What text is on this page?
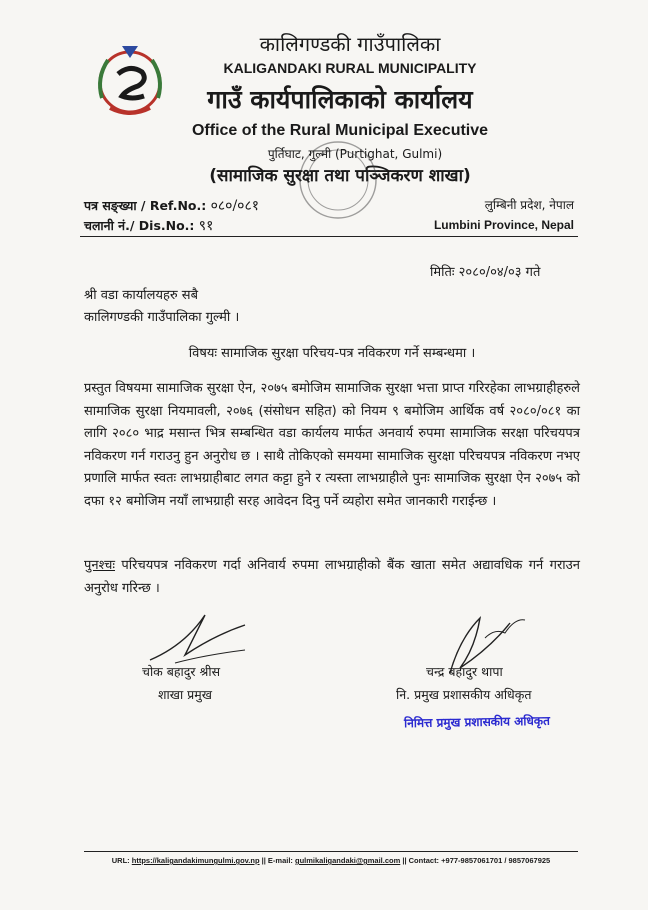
कालिगण्डकी गाउँपालिका
KALIGANDAKI RURAL MUNICIPALITY
गाउँ कार्यपालिकाको कार्यालय
Office of the Rural Municipal Executive
पुर्तिघाट, गुल्मी (Purtighat, Gulmi)
(सामाजिक सुरक्षा तथा पञ्जिकरण शाखा)
पत्र सङ्ख्या / Ref.No.: ०८०/०८१
चलानी नं./ Dis.No.: ९१
लुम्बिनी प्रदेश, नेपाल
Lumbini Province, Nepal
मितिः २०८०/०४/०३ गते
श्री वडा कार्यालयहरु सबै
कालिगण्डकी गाउँपालिका गुल्मी ।
विषयः सामाजिक सुरक्षा परिचय-पत्र नविकरण गर्ने सम्बन्धमा ।
प्रस्तुत विषयमा सामाजिक सुरक्षा ऐन, २०७५ बमोजिम सामाजिक सुरक्षा भत्ता प्राप्त गरिरहेका लाभग्राहीहरुले सामाजिक सुरक्षा नियमावली, २०७६ (संसोधन सहित) को नियम ९ बमोजिम आर्थिक वर्ष २०८०/०८१ का लागि २०८० भाद्र मसान्त भित्र सम्बन्धित वडा कार्यलय मार्फत अनवार्य रुपमा सामाजिक सरक्षा परिचयपत्र नविकरण गर्न गराउनु हुन अनुरोध छ । साथै तोकिएको समयमा सामाजिक सुरक्षा परिचयपत्र नविकरण नभए प्रणालि मार्फत स्वतः लाभग्राहीबाट लगत कट्टा हुने र त्यस्ता लाभग्राहीले पुनः सामाजिक सुरक्षा ऐन २०७५ को दफा १२ बमोजिम नयाँ लाभग्राही सरह आवेदन दिनु पर्ने व्यहोरा समेत जानकारी गराईन्छ ।
पुनश्चः परिचयपत्र नविकरण गर्दा अनिवार्य रुपमा लाभग्राहीको बैंक खाता समेत अद्यावधिक गर्न गराउन अनुरोध गरिन्छ ।
चोक बहादुर श्रीस
शाखा प्रमुख
चन्द्र बहादुर थापा
नि. प्रमुख प्रशासकीय अधिकृत
निमित्त प्रमुख प्रशासकीय अधिकृत
URL: https://kaligandakimungulmi.gov.np || E-mail: gulmikaligandaki@gmail.com || Contact: +977-9857061701 / 9857067925
